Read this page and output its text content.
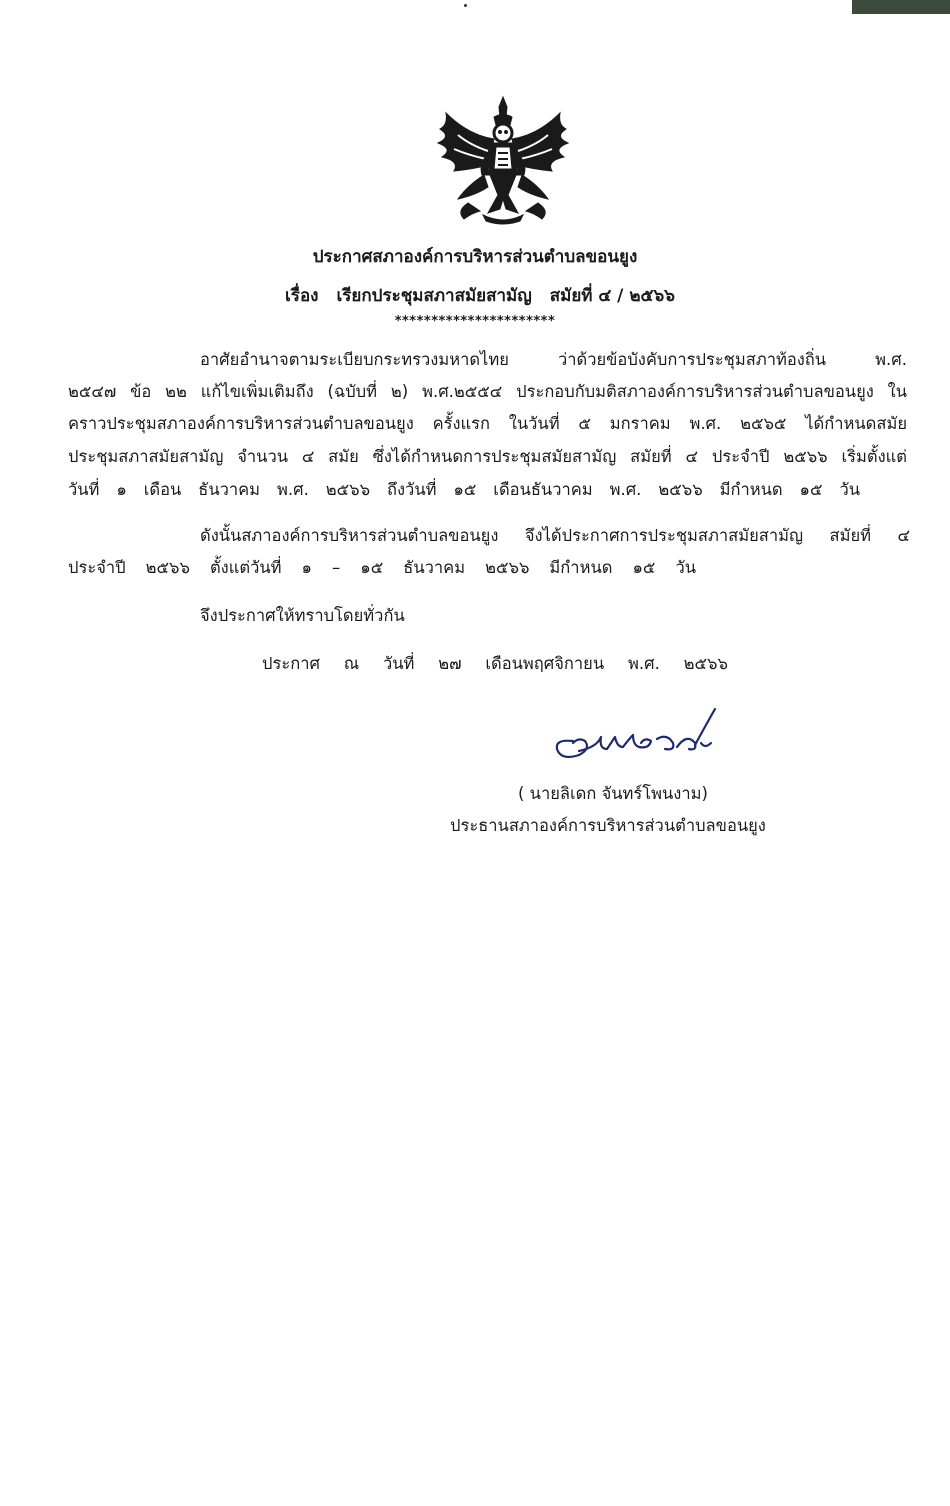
ประกาศสภาองค์การบริหารส่วนตำบลขอนยูง
เรื่อง เรียกประชุมสภาสมัยสามัญ สมัยที่ ๔ / ๒๕๖๖
**********************
อาศัยอำนาจตามระเบียบกระทรวงมหาดไทย ว่าด้วยข้อบังคับการประชุมสภาท้องถิ่น พ.ศ.
๒๕๔๗ ข้อ ๒๒ แก้ไขเพิ่มเติมถึง (ฉบับที่ ๒) พ.ศ.๒๕๕๔ ประกอบกับมติสภาองค์การบริหารส่วนตำบลขอนยูง ใน
คราวประชุมสภาองค์การบริหารส่วนตำบลขอนยูง ครั้งแรก ในวันที่ ๕ มกราคม พ.ศ. ๒๕๖๕ ได้กำหนดสมัย
ประชุมสภาสมัยสามัญ จำนวน ๔ สมัย ซึ่งได้กำหนดการประชุมสมัยสามัญ สมัยที่ ๔ ประจำปี ๒๕๖๖ เริ่มตั้งแต่
วันที่ ๑ เดือน ธันวาคม พ.ศ. ๒๕๖๖ ถึงวันที่ ๑๕ เดือนธันวาคม พ.ศ. ๒๕๖๖ มีกำหนด ๑๕ วัน
ดังนั้นสภาองค์การบริหารส่วนตำบลขอนยูง จึงได้ประกาศการประชุมสภาสมัยสามัญ สมัยที่ ๔
ประจำปี ๒๕๖๖ ตั้งแต่วันที่ ๑ – ๑๕ ธันวาคม ๒๕๖๖ มีกำหนด ๑๕ วัน
จึงประกาศให้ทราบโดยทั่วกัน
ประกาศ ณ วันที่ ๒๗ เดือนพฤศจิกายน พ.ศ. ๒๕๖๖
( นายลิเดก จันทร์โพนงาม)
ประธานสภาองค์การบริหารส่วนตำบลขอนยูง
